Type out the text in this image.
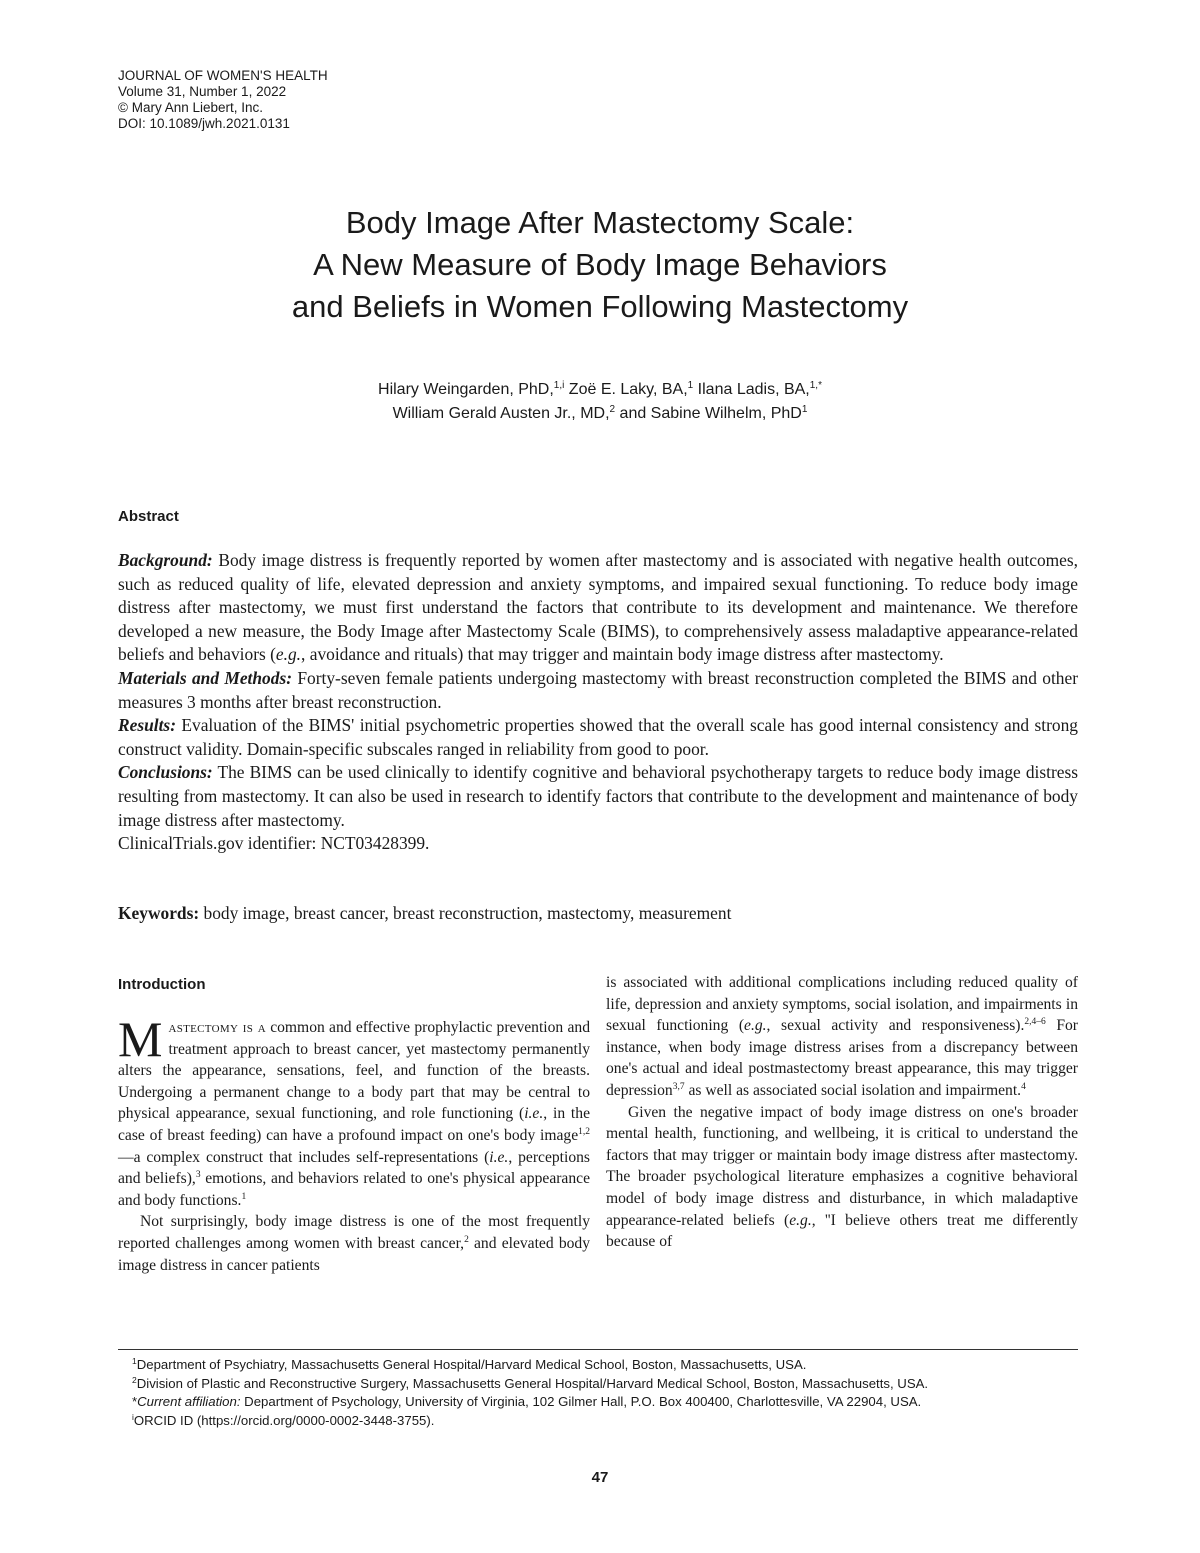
JOURNAL OF WOMEN'S HEALTH
Volume 31, Number 1, 2022
© Mary Ann Liebert, Inc.
DOI: 10.1089/jwh.2021.0131
Body Image After Mastectomy Scale:
A New Measure of Body Image Behaviors
and Beliefs in Women Following Mastectomy
Hilary Weingarden, PhD,$^{1,i}$ Zoë E. Laky, BA,$^1$ Ilana Ladis, BA,$^{1,*}$
William Gerald Austen Jr., MD,$^2$ and Sabine Wilhelm, PhD$^1$
Abstract

Background: Body image distress is frequently reported by women after mastectomy and is associated with negative health outcomes, such as reduced quality of life, elevated depression and anxiety symptoms, and impaired sexual functioning. To reduce body image distress after mastectomy, we must first understand the factors that contribute to its development and maintenance. We therefore developed a new measure, the Body Image after Mastectomy Scale (BIMS), to comprehensively assess maladaptive appearance-related beliefs and behaviors (e.g., avoidance and rituals) that may trigger and maintain body image distress after mastectomy.

Materials and Methods: Forty-seven female patients undergoing mastectomy with breast reconstruction completed the BIMS and other measures 3 months after breast reconstruction.

Results: Evaluation of the BIMS' initial psychometric properties showed that the overall scale has good internal consistency and strong construct validity. Domain-specific subscales ranged in reliability from good to poor.

Conclusions: The BIMS can be used clinically to identify cognitive and behavioral psychotherapy targets to reduce body image distress resulting from mastectomy. It can also be used in research to identify factors that contribute to the development and maintenance of body image distress after mastectomy.

ClinicalTrials.gov identifier: NCT03428399.

Keywords: body image, breast cancer, breast reconstruction, mastectomy, measurement
Introduction

Mastectomy is a common and effective prophylactic prevention and treatment approach to breast cancer, yet mastectomy permanently alters the appearance, sensations, feel, and function of the breasts. Undergoing a permanent change to a body part that may be central to physical appearance, sexual functioning, and role functioning (i.e., in the case of breast feeding) can have a profound impact on one's body image$^{1,2}$—a complex construct that includes self-representations (i.e., perceptions and beliefs),$^3$ emotions, and behaviors related to one's physical appearance and body functions.$^1$

Not surprisingly, body image distress is one of the most frequently reported challenges among women with breast cancer,$^2$ and elevated body image distress in cancer patients

is associated with additional complications including reduced quality of life, depression and anxiety symptoms, social isolation, and impairments in sexual functioning (e.g., sexual activity and responsiveness).$^{2,4-6}$ For instance, when body image distress arises from a discrepancy between one's actual and ideal postmastectomy breast appearance, this may trigger depression$^{3,7}$ as well as associated social isolation and impairment.$^4$

Given the negative impact of body image distress on one's broader mental health, functioning, and wellbeing, it is critical to understand the factors that may trigger or maintain body image distress after mastectomy. The broader psychological literature emphasizes a cognitive behavioral model of body image distress and disturbance, in which maladaptive appearance-related beliefs (e.g., ''I believe others treat me differently because of

$^1$Department of Psychiatry, Massachusetts General Hospital/Harvard Medical School, Boston, Massachusetts, USA.
$^2$Division of Plastic and Reconstructive Surgery, Massachusetts General Hospital/Harvard Medical School, Boston, Massachusetts, USA.
*Current affiliation: Department of Psychology, University of Virginia, 102 Gilmer Hall, P.O. Box 400400, Charlottesville, VA 22904, USA.
$^i$ORCID ID (https://orcid.org/0000-0002-3448-3755).
47
